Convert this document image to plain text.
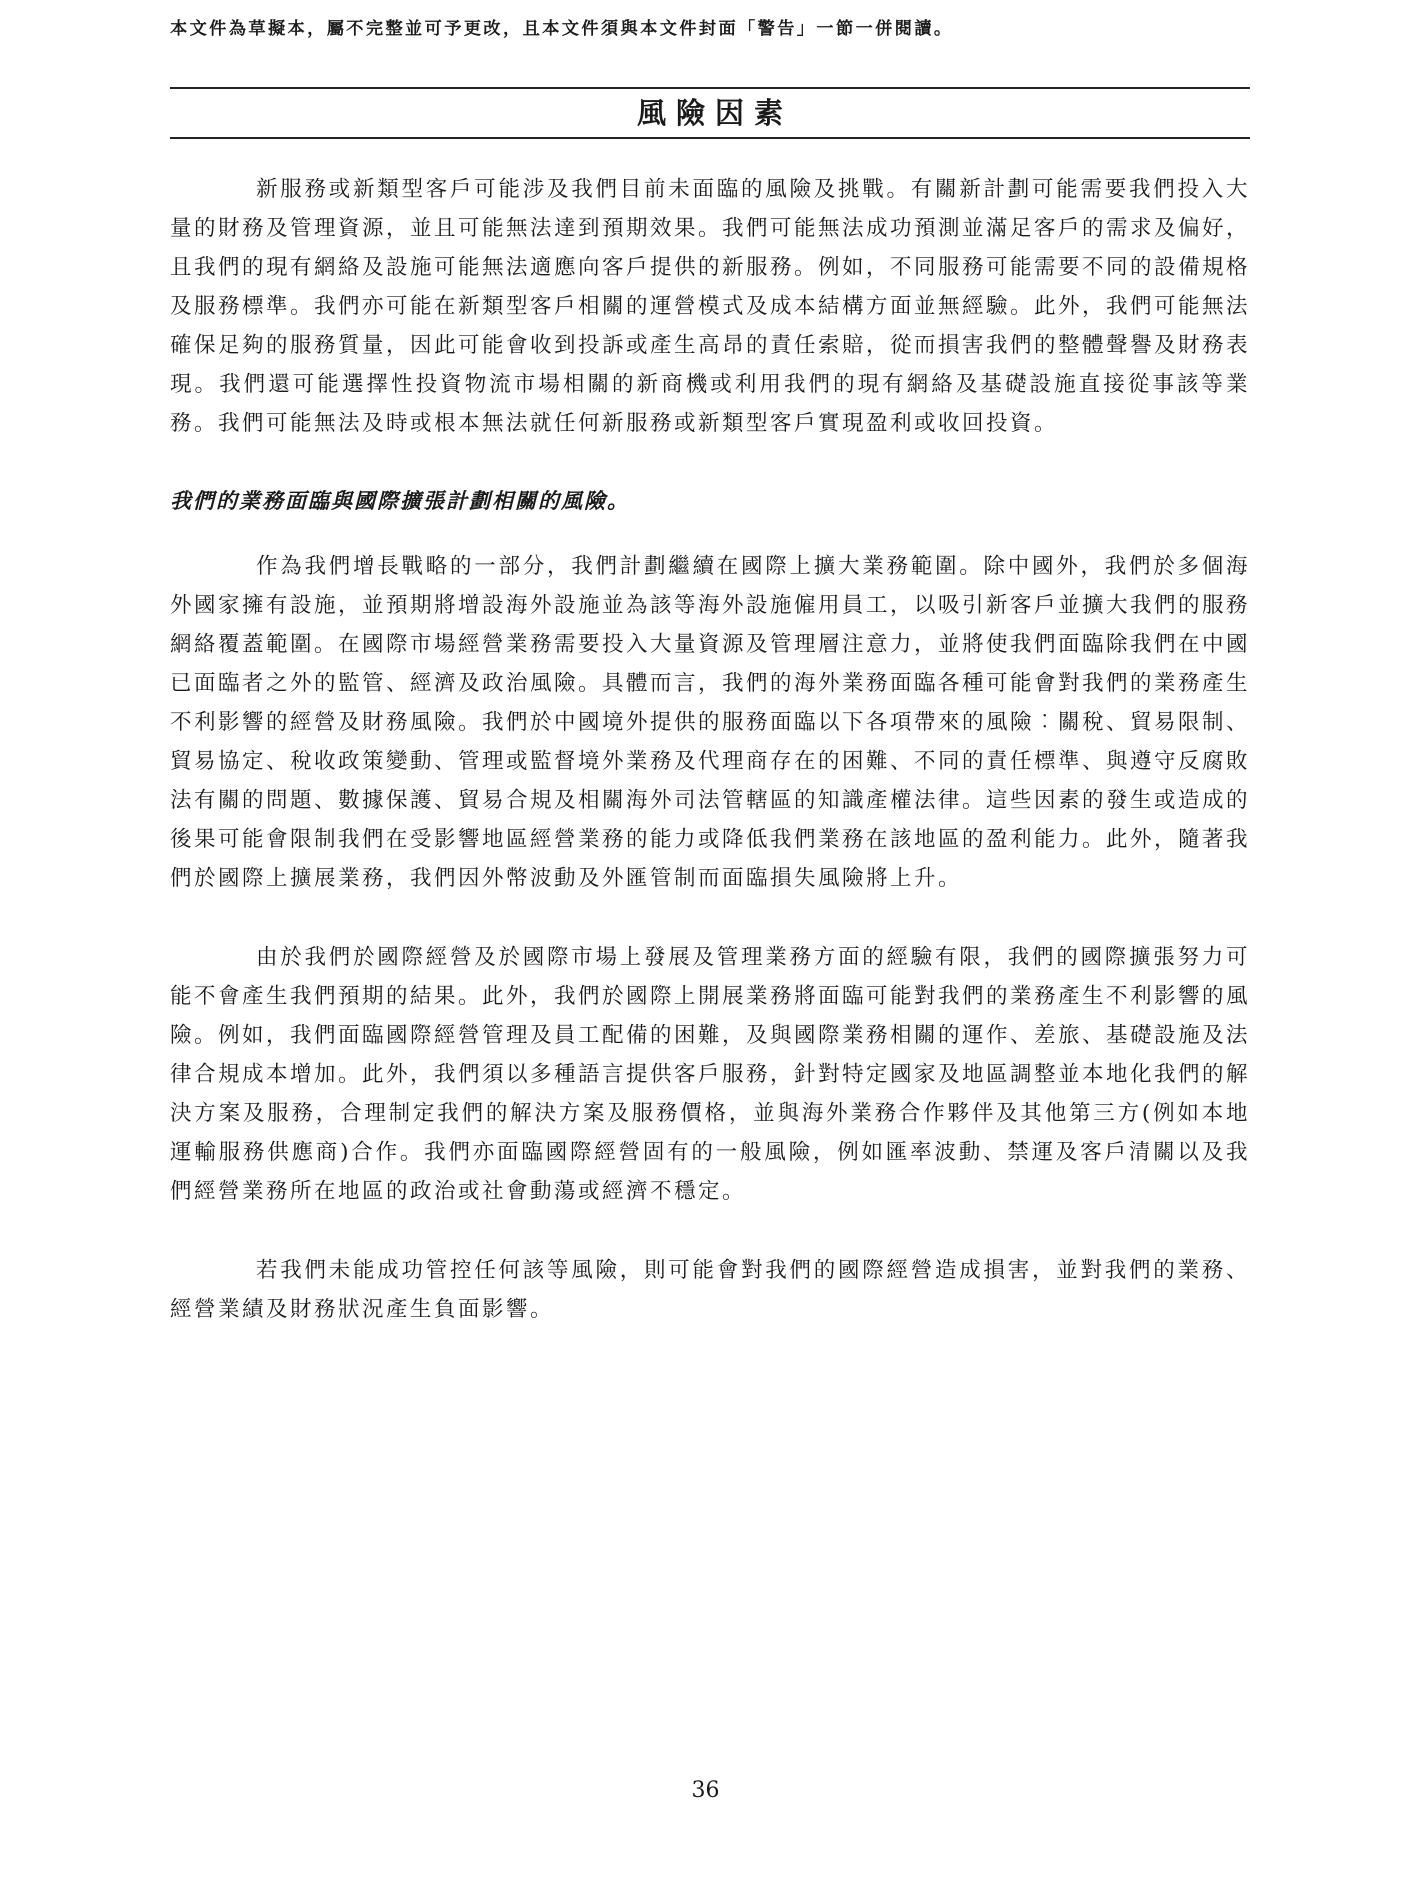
本文件為草擬本，屬不完整並可予更改，且本文件須與本文件封面「警告」一節一併閱讀。

風險因素

新服務或新類型客戶可能涉及我們目前未面臨的風險及挑戰。有關新計劃可能需要我們投入大量的財務及管理資源，並且可能無法達到預期效果。我們可能無法成功預測並滿足客戶的需求及偏好，且我們的現有網絡及設施可能無法適應向客戶提供的新服務。例如，不同服務可能需要不同的設備規格及服務標準。我們亦可能在新類型客戶相關的運營模式及成本結構方面並無經驗。此外，我們可能無法確保足夠的服務質量，因此可能會收到投訴或產生高昂的責任索賠，從而損害我們的整體聲譽及財務表現。我們還可能選擇性投資物流市場相關的新商機或利用我們的現有網絡及基礎設施直接從事該等業務。我們可能無法及時或根本無法就任何新服務或新類型客戶實現盈利或收回投資。

我們的業務面臨與國際擴張計劃相關的風險。

作為我們增長戰略的一部分，我們計劃繼續在國際上擴大業務範圍。除中國外，我們於多個海外國家擁有設施，並預期將增設海外設施並為該等海外設施僱用員工，以吸引新客戶並擴大我們的服務網絡覆蓋範圍。在國際市場經營業務需要投入大量資源及管理層注意力，並將使我們面臨除我們在中國已面臨者之外的監管、經濟及政治風險。具體而言，我們的海外業務面臨各種可能會對我們的業務產生不利影響的經營及財務風險。我們於中國境外提供的服務面臨以下各項帶來的風險︰關稅、貿易限制、貿易協定、稅收政策變動、管理或監督境外業務及代理商存在的困難、不同的責任標準、與遵守反腐敗法有關的問題、數據保護、貿易合規及相關海外司法管轄區的知識產權法律。這些因素的發生或造成的後果可能會限制我們在受影響地區經營業務的能力或降低我們業務在該地區的盈利能力。此外，隨著我們於國際上擴展業務，我們因外幣波動及外匯管制而面臨損失風險將上升。

由於我們於國際經營及於國際市場上發展及管理業務方面的經驗有限，我們的國際擴張努力可能不會產生我們預期的結果。此外，我們於國際上開展業務將面臨可能對我們的業務產生不利影響的風險。例如，我們面臨國際經營管理及員工配備的困難，及與國際業務相關的運作、差旅、基礎設施及法律合規成本增加。此外，我們須以多種語言提供客戶服務，針對特定國家及地區調整並本地化我們的解決方案及服務，合理制定我們的解決方案及服務價格，並與海外業務合作夥伴及其他第三方(例如本地運輸服務供應商)合作。我們亦面臨國際經營固有的一般風險，例如匯率波動、禁運及客戶清關以及我們經營業務所在地區的政治或社會動蕩或經濟不穩定。

若我們未能成功管控任何該等風險，則可能會對我們的國際經營造成損害，並對我們的業務、經營業績及財務狀況產生負面影響。

36
